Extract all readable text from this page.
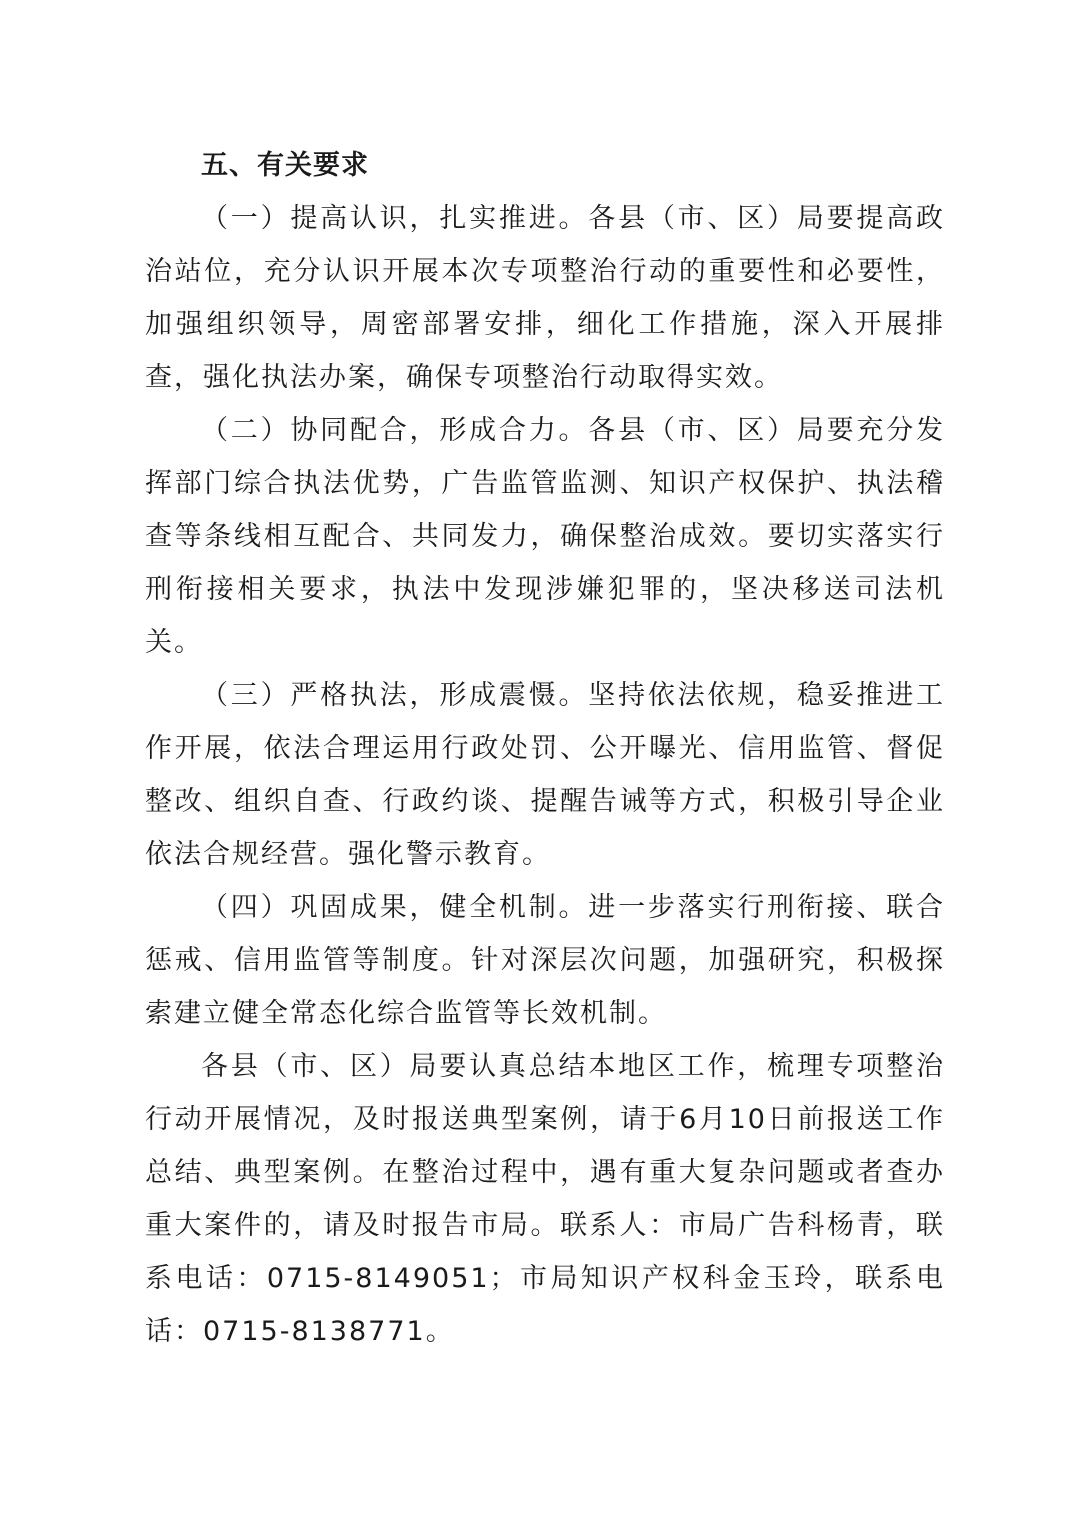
五、有关要求

（一）提高认识，扎实推进。各县（市、区）局要提高政治站位，充分认识开展本次专项整治行动的重要性和必要性，加强组织领导，周密部署安排，细化工作措施，深入开展排查，强化执法办案，确保专项整治行动取得实效。

（二）协同配合，形成合力。各县（市、区）局要充分发挥部门综合执法优势，广告监管监测、知识产权保护、执法稽查等条线相互配合、共同发力，确保整治成效。要切实落实行刑衔接相关要求，执法中发现涉嫌犯罪的，坚决移送司法机关。

（三）严格执法，形成震慑。坚持依法依规，稳妥推进工作开展，依法合理运用行政处罚、公开曝光、信用监管、督促整改、组织自查、行政约谈、提醒告诫等方式，积极引导企业依法合规经营。强化警示教育。

（四）巩固成果，健全机制。进一步落实行刑衔接、联合惩戒、信用监管等制度。针对深层次问题，加强研究，积极探索建立健全常态化综合监管等长效机制。

各县（市、区）局要认真总结本地区工作，梳理专项整治行动开展情况，及时报送典型案例，请于6月10日前报送工作总结、典型案例。在整治过程中，遇有重大复杂问题或者查办重大案件的，请及时报告市局。联系人：市局广告科杨青，联系电话：0715-8149051；市局知识产权科金玉玲，联系电话：0715-8138771。
